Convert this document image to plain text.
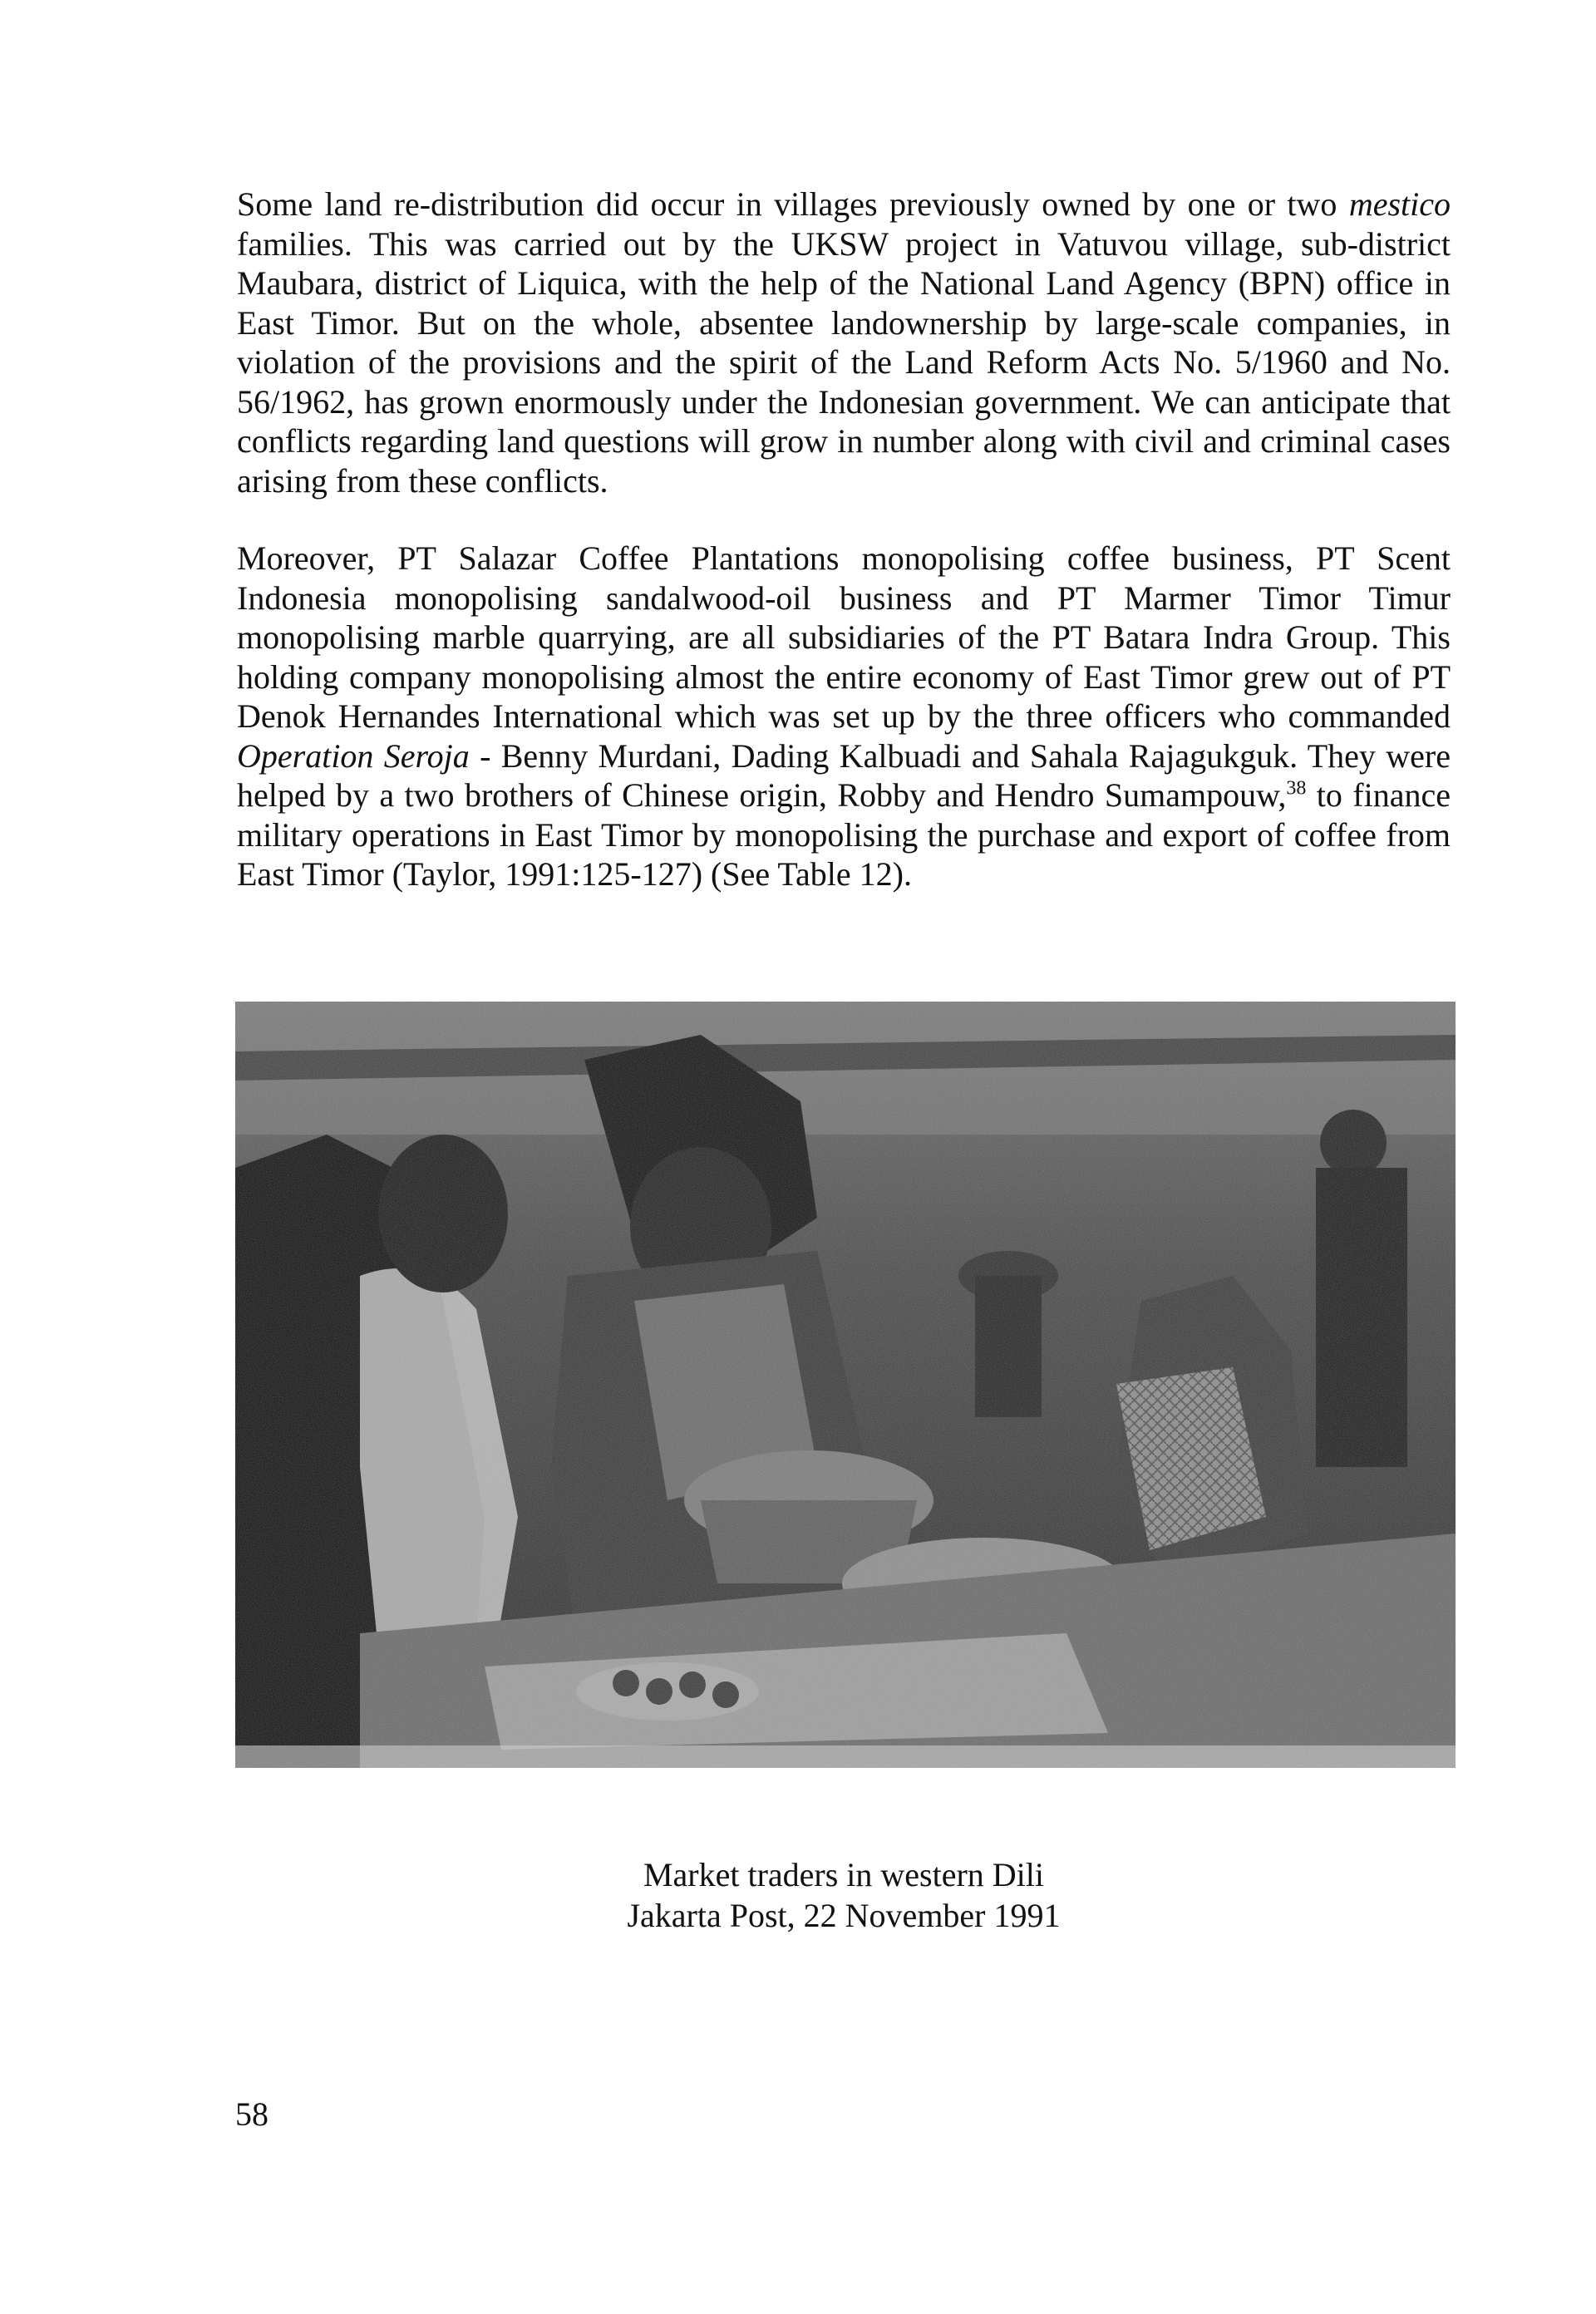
Some land re-distribution did occur in villages previously owned by one or two mestico families. This was carried out by the UKSW project in Vatuvou village, sub-district Maubara, district of Liquica, with the help of the National Land Agency (BPN) office in East Timor. But on the whole, absentee landownership by large-scale companies, in violation of the provisions and the spirit of the Land Reform Acts No. 5/1960 and No. 56/1962, has grown enormously under the Indonesian government. We can anticipate that conflicts regarding land questions will grow in number along with civil and criminal cases arising from these conflicts.

Moreover, PT Salazar Coffee Plantations monopolising coffee business, PT Scent Indonesia monopolising sandalwood-oil business and PT Marmer Timor Timur monopolising marble quarrying, are all subsidiaries of the PT Batara Indra Group. This holding company monopolising almost the entire economy of East Timor grew out of PT Denok Hernandes International which was set up by the three officers who commanded Operation Seroja - Benny Murdani, Dading Kalbuadi and Sahala Rajagukguk. They were helped by a two brothers of Chinese origin, Robby and Hendro Sumampouw,$^{38}$ to finance military operations in East Timor by monopolising the purchase and export of coffee from East Timor (Taylor, 1991:125-127) (See Table 12).

Market traders in western Dili
Jakarta Post, 22 November 1991
58
